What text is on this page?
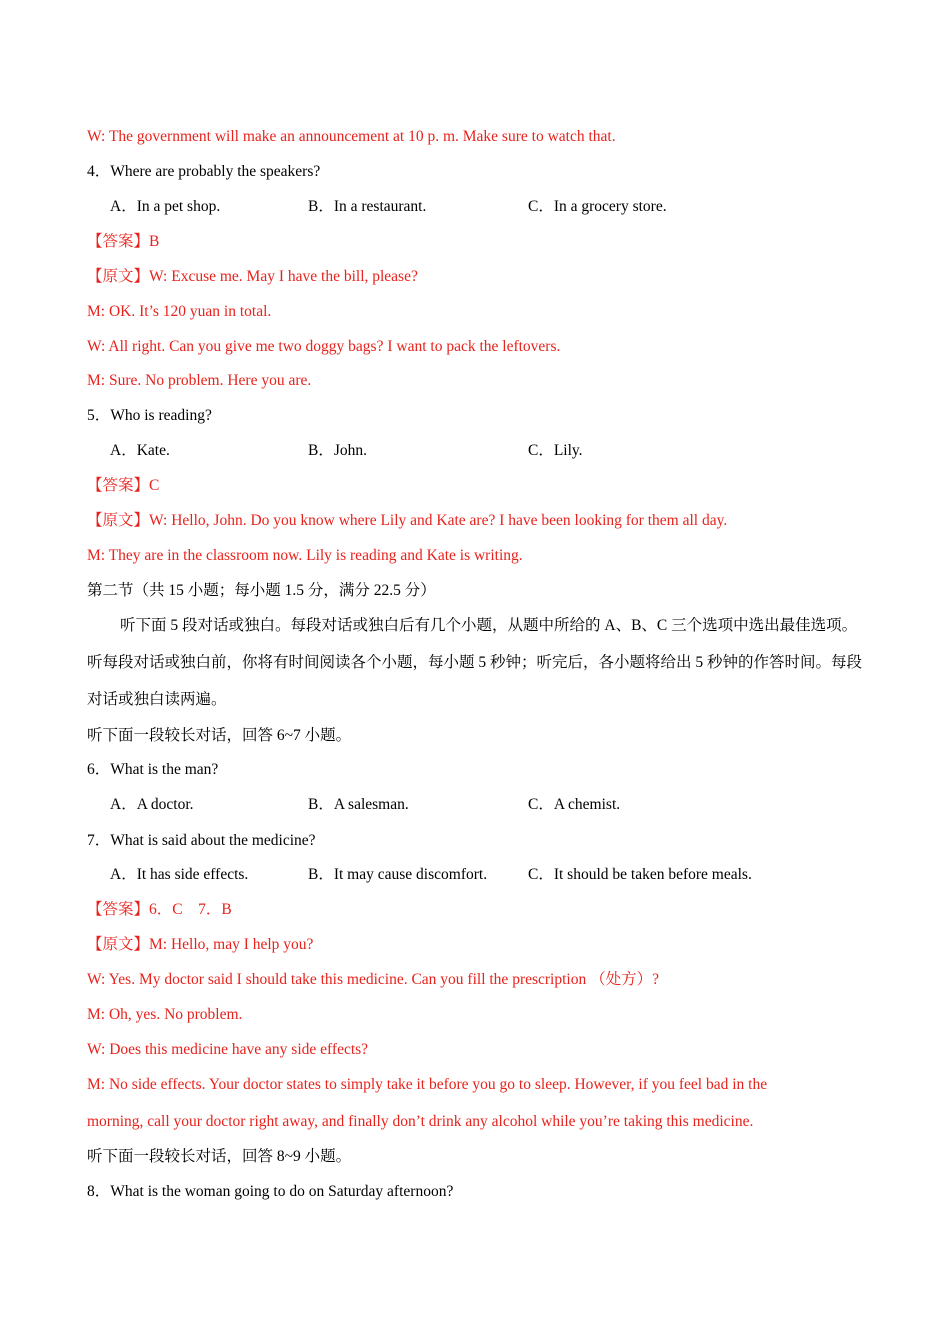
W: The government will make an announcement at 10 p. m. Make sure to watch that.
4．Where are probably the speakers?
A．In a pet shop.	B．In a restaurant.	C．In a grocery store.
【答案】B
【原文】W: Excuse me. May I have the bill, please?
M: OK. It’s 120 yuan in total.
W: All right. Can you give me two doggy bags? I want to pack the leftovers.
M: Sure. No problem. Here you are.
5．Who is reading?
A．Kate.	B．John.	C．Lily.
【答案】C
【原文】W: Hello, John. Do you know where Lily and Kate are? I have been looking for them all day.
M: They are in the classroom now. Lily is reading and Kate is writing.
第二节（共 15 小题；每小题 1.5 分，满分 22.5 分）
听下面 5 段对话或独白。每段对话或独白后有几个小题，从题中所给的 A、B、C 三个选项中选出最佳选项。听每段对话或独白前，你将有时间阅读各个小题，每小题 5 秒钟；听完后，各小题将给出 5 秒钟的作答时间。每段对话或独白读两遍。
听下面一段较长对话，回答 6~7 小题。
6．What is the man?
A．A doctor.	B．A salesman.	C．A chemist.
7．What is said about the medicine?
A．It has side effects.	B．It may cause discomfort.	C．It should be taken before meals.
【答案】6．C　7．B
【原文】M: Hello, may I help you?
W: Yes. My doctor said I should take this medicine. Can you fill the prescription （处方）?
M: Oh, yes. No problem.
W: Does this medicine have any side effects?
M: No side effects. Your doctor states to simply take it before you go to sleep. However, if you feel bad in the
morning, call your doctor right away, and finally don’t drink any alcohol while you’re taking this medicine.
听下面一段较长对话，回答 8~9 小题。
8．What is the woman going to do on Saturday afternoon?
